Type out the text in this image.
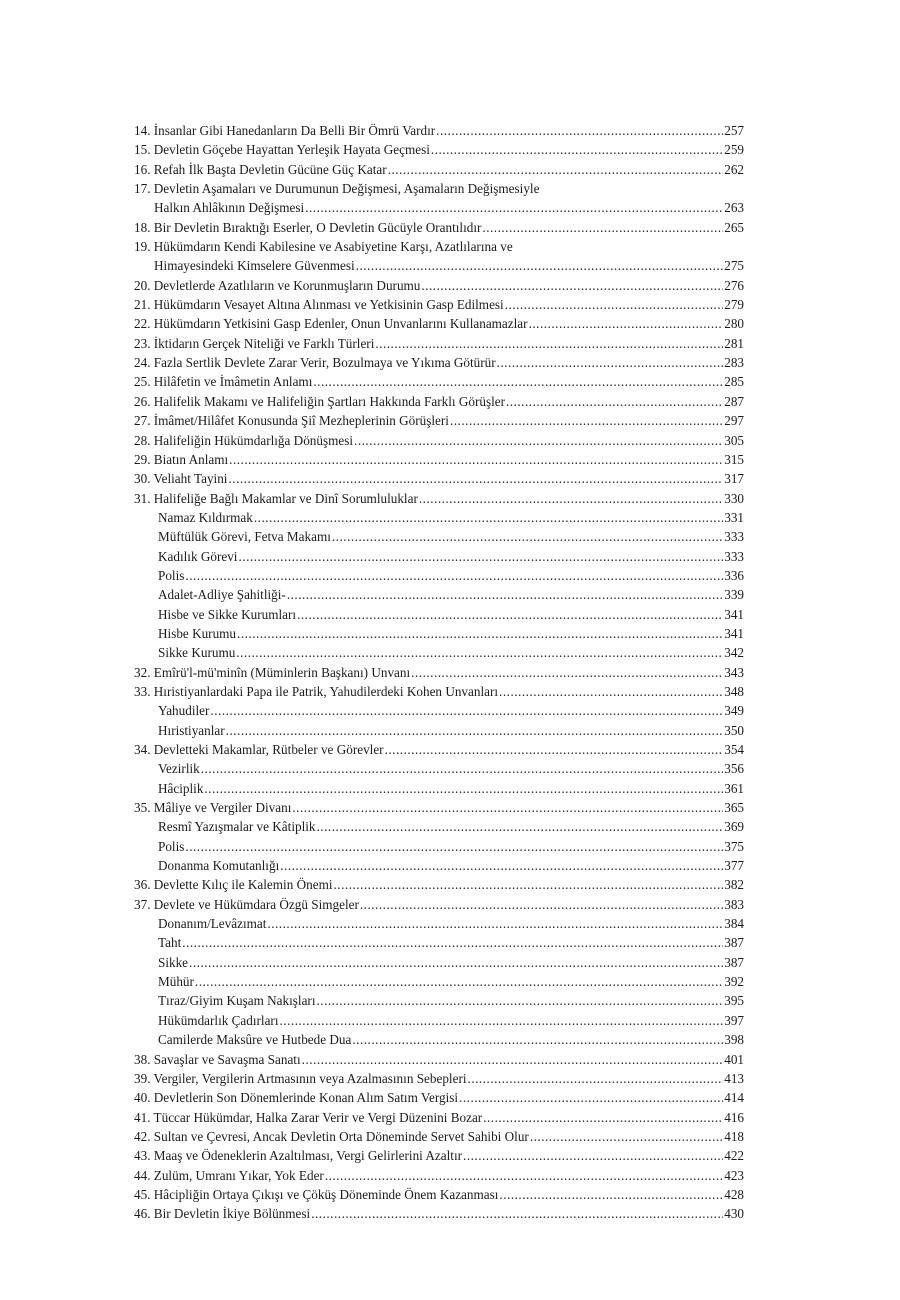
14. İnsanlar Gibi Hanedanların Da Belli Bir Ömrü Vardır .....	257
15. Devletin Göçebe Hayattan Yerleşik Hayata Geçmesi .....	259
16. Refah İlk Başta Devletin Gücüne Güç Katar .....	262
17. Devletin Aşamaları ve Durumunun Değişmesi, Aşamaların Değişmesiyle
Halkın Ahlâkının Değişmesi .....	263
18. Bir Devletin Bıraktığı Eserler, O Devletin Gücüyle Orantılıdır .....	265
19. Hükümdarın Kendi Kabilesine ve Asabiyetine Karşı, Azatlılarına ve
Himayesindeki Kimselere Güvenmesi .....	275
20. Devletlerde Azatlıların ve Korunmuşların Durumu .....	276
21. Hükümdarın Vesayet Altına Alınması ve Yetkisinin Gasp Edilmesi .....	279
22. Hükümdarın Yetkisini Gasp Edenler, Onun Unvanlarını Kullanamazlar .....	280
23. İktidarın Gerçek Niteliği ve Farklı Türleri .....	281
24. Fazla Sertlik Devlete Zarar Verir, Bozulmaya ve Yıkıma Götürür .....	283
25. Hilâfetin ve İmâmetin Anlamı .....	285
26. Halifelik Makamı ve Halifeliğin Şartları Hakkında Farklı Görüşler .....	287
27. İmâmet/Hilâfet Konusunda Şiî Mezheplerinin Görüşleri .....	297
28. Halifeliğin Hükümdarlığa Dönüşmesi .....	305
29. Biatın Anlamı .....	315
30. Veliaht Tayini .....	317
31. Halifeliğe Bağlı Makamlar ve Dinî Sorumluluklar .....	330
Namaz Kıldırmak .....	331
Müftülük Görevi, Fetva Makamı .....	333
Kadılık Görevi .....	333
Polis .....	336
Adalet-Adliye Şahitliği- .....	339
Hisbe ve Sikke Kurumları .....	341
Hisbe Kurumu .....	341
Sikke Kurumu .....	342
32. Emîrü'l-mü'minîn (Müminlerin Başkanı) Unvanı .....	343
33. Hıristiyanlardaki Papa ile Patrik, Yahudilerdeki Kohen Unvanları .....	348
Yahudiler .....	349
Hıristiyanlar .....	350
34. Devletteki Makamlar, Rütbeler ve Görevler .....	354
Vezirlik .....	356
Hâciplik .....	361
35. Mâliye ve Vergiler Divanı .....	365
Resmî Yazışmalar ve Kâtiplik .....	369
Polis .....	375
Donanma Komutanlığı .....	377
36. Devlette Kılıç ile Kalemin Önemi .....	382
37. Devlete ve Hükümdara Özgü Simgeler .....	383
Donanım/Levâzımat .....	384
Taht .....	387
Sikke .....	387
Mühür .....	392
Tıraz/Giyim Kuşam Nakışları .....	395
Hükümdarlık Çadırları .....	397
Camilerde Maksûre ve Hutbede Dua .....	398
38. Savaşlar ve Savaşma Sanatı .....	401
39. Vergiler, Vergilerin Artmasının veya Azalmasının Sebepleri .....	413
40. Devletlerin Son Dönemlerinde Konan Alım Satım Vergisi .....	414
41. Tüccar Hükümdar, Halka Zarar Verir ve Vergi Düzenini Bozar .....	416
42. Sultan ve Çevresi, Ancak Devletin Orta Döneminde Servet Sahibi Olur .....	418
43. Maaş ve Ödeneklerin Azaltılması, Vergi Gelirlerini Azaltır .....	422
44. Zulüm, Umranı Yıkar, Yok Eder .....	423
45. Hâcipliğin Ortaya Çıkışı ve Çöküş Döneminde Önem Kazanması .....	428
46. Bir Devletin İkiye Bölünmesi .....	430
